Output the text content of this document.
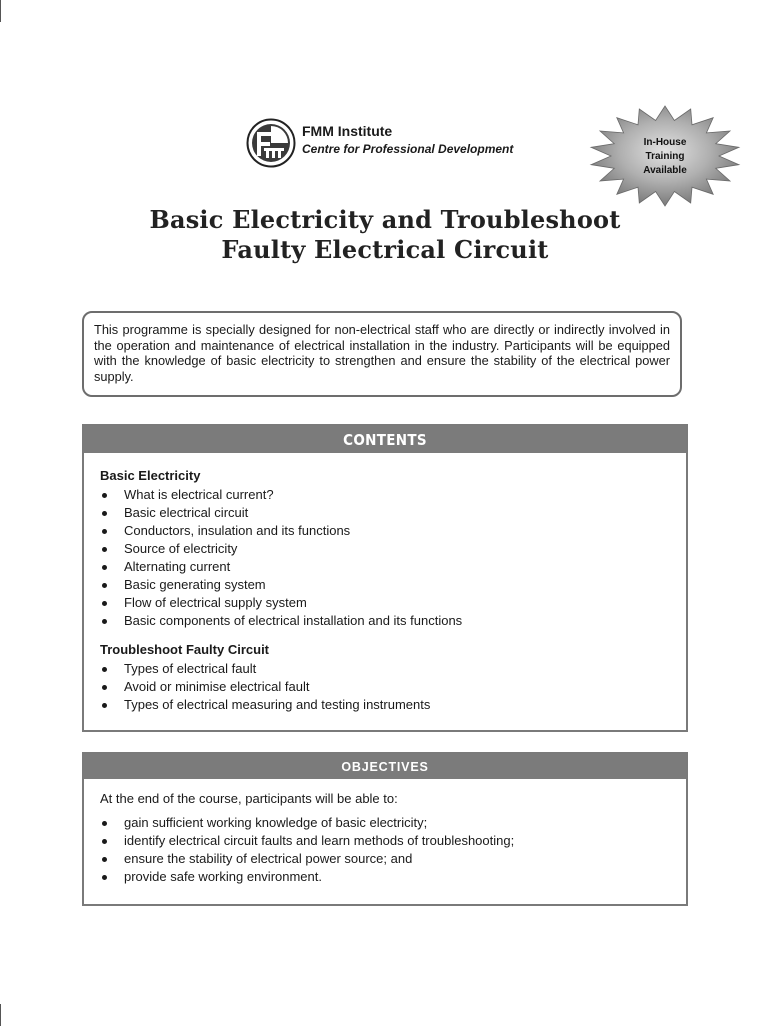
FMM Institute
Centre for Professional Development	In-House
Training
Available
Basic Electricity and Troubleshoot
Faulty Electrical Circuit

This programme is specially designed for non-electrical staff who are directly or indirectly involved in the operation and maintenance of electrical installation in the industry. Participants will be equipped with the knowledge of basic electricity to strengthen and ensure the stability of the electrical power supply.

CONTENTS
Basic Electricity
What is electrical current?
Basic electrical circuit
Conductors, insulation and its functions
Source of electricity
Alternating current
Basic generating system
Flow of electrical supply system
Basic components of electrical installation and its functions
Troubleshoot Faulty Circuit
Types of electrical fault
Avoid or minimise electrical fault
Types of electrical measuring and testing instruments
OBJECTIVES
At the end of the course, participants will be able to:
gain sufficient working knowledge of basic electricity;
identify electrical circuit faults and learn methods of troubleshooting;
ensure the stability of electrical power source; and
provide safe working environment.
